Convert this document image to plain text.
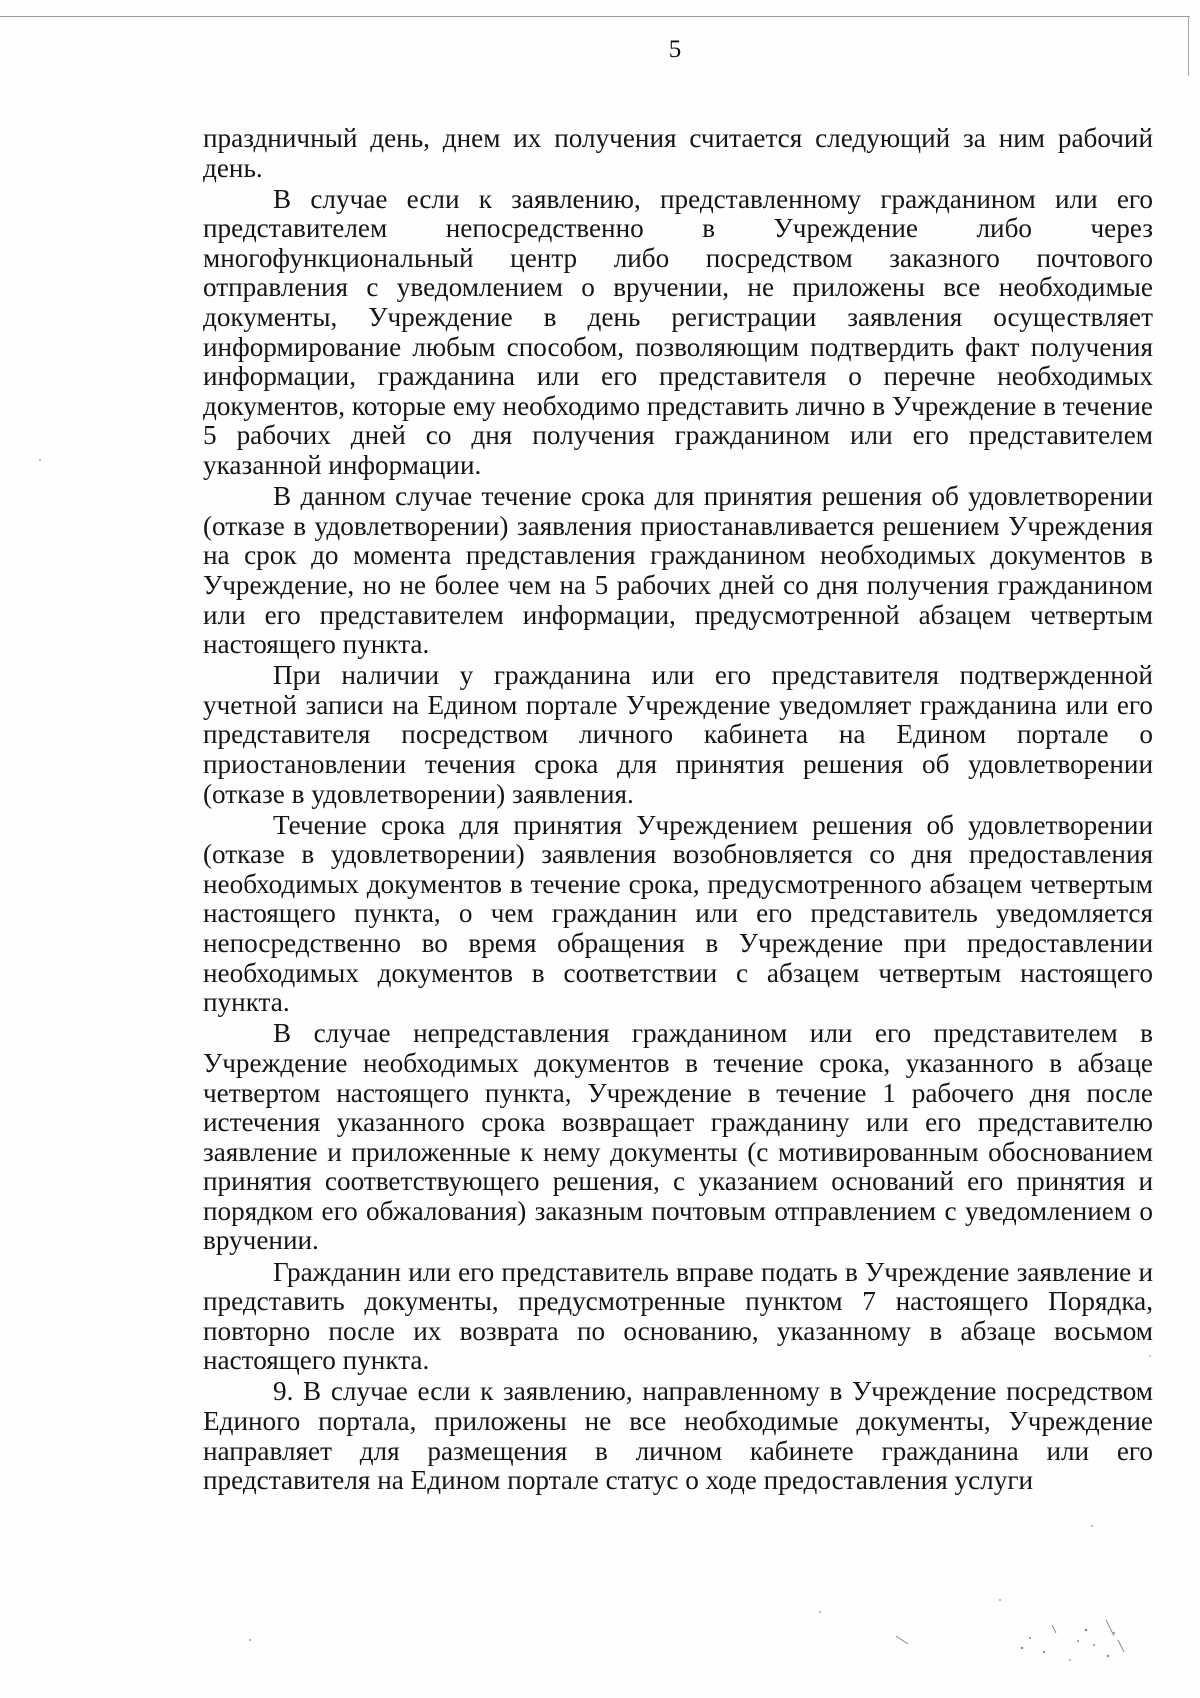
5

праздничный день, днем их получения считается следующий за ним рабочий день.

В случае если к заявлению, представленному гражданином или его представителем непосредственно в Учреждение либо через многофункциональный центр либо посредством заказного почтового отправления с уведомлением о вручении, не приложены все необходимые документы, Учреждение в день регистрации заявления осуществляет информирование любым способом, позволяющим подтвердить факт получения информации, гражданина или его представителя о перечне необходимых документов, которые ему необходимо представить лично в Учреждение в течение 5 рабочих дней со дня получения гражданином или его представителем указанной информации.

В данном случае течение срока для принятия решения об удовлетворении (отказе в удовлетворении) заявления приостанавливается решением Учреждения на срок до момента представления гражданином необходимых документов в Учреждение, но не более чем на 5 рабочих дней со дня получения гражданином или его представителем информации, предусмотренной абзацем четвертым настоящего пункта.

При наличии у гражданина или его представителя подтвержденной учетной записи на Едином портале Учреждение уведомляет гражданина или его представителя посредством личного кабинета на Едином портале о приостановлении течения срока для принятия решения об удовлетворении (отказе в удовлетворении) заявления.

Течение срока для принятия Учреждением решения об удовлетворении (отказе в удовлетворении) заявления возобновляется со дня предоставления необходимых документов в течение срока, предусмотренного абзацем четвертым настоящего пункта, о чем гражданин или его представитель уведомляется непосредственно во время обращения в Учреждение при предоставлении необходимых документов в соответствии с абзацем четвертым настоящего пункта.

В случае непредставления гражданином или его представителем в Учреждение необходимых документов в течение срока, указанного в абзаце четвертом настоящего пункта, Учреждение в течение 1 рабочего дня после истечения указанного срока возвращает гражданину или его представителю заявление и приложенные к нему документы (с мотивированным обоснованием принятия соответствующего решения, с указанием оснований его принятия и порядком его обжалования) заказным почтовым отправлением с уведомлением о вручении.

Гражданин или его представитель вправе подать в Учреждение заявление и представить документы, предусмотренные пунктом 7 настоящего Порядка, повторно после их возврата по основанию, указанному в абзаце восьмом настоящего пункта.

9. В случае если к заявлению, направленному в Учреждение посредством Единого портала, приложены не все необходимые документы, Учреждение направляет для размещения в личном кабинете гражданина или его представителя на Едином портале статус о ходе предоставления услуги
